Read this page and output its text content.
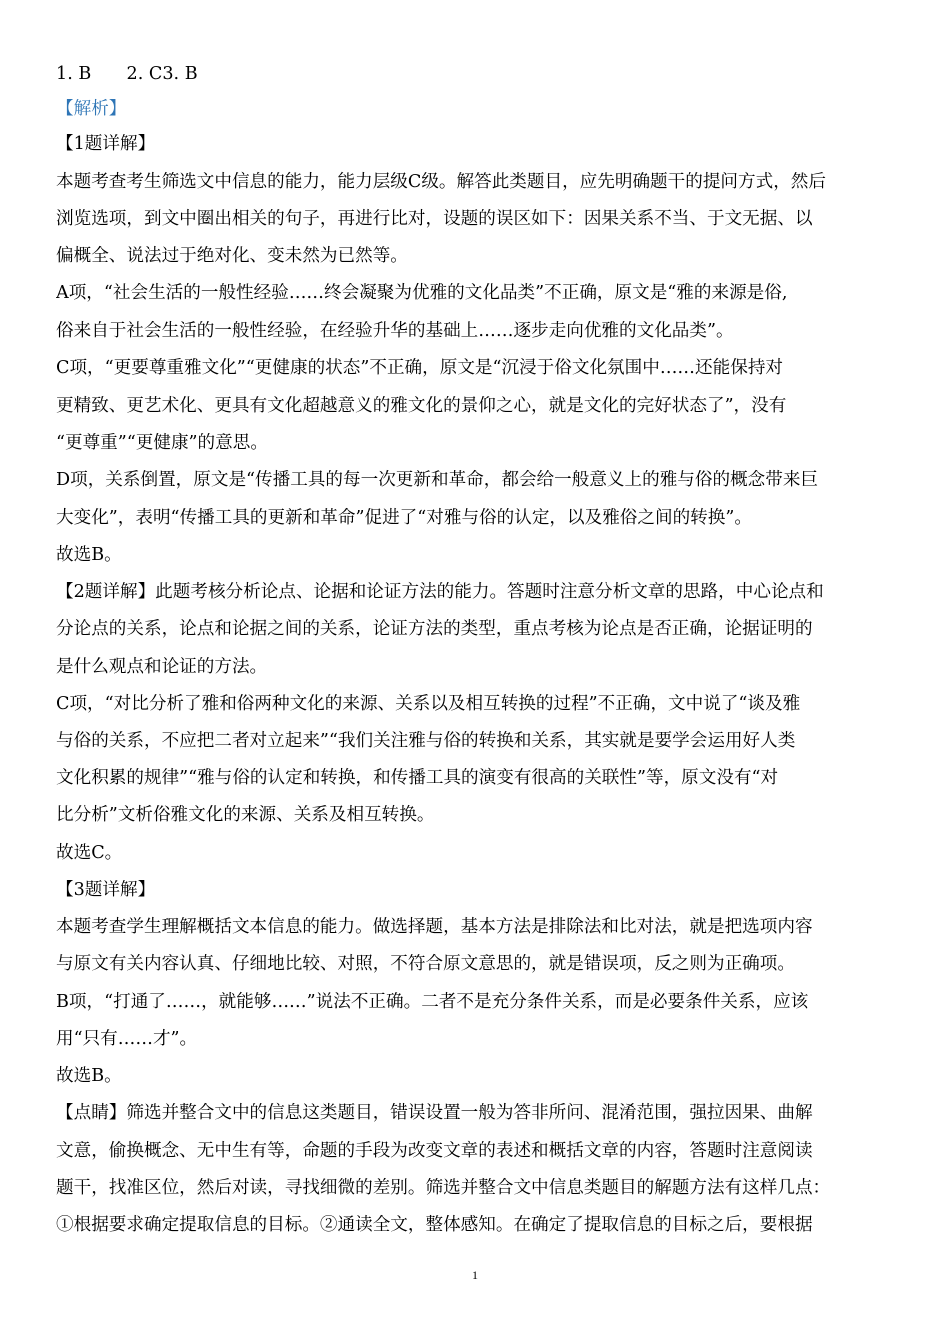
1. B　　2. C3. B
【解析】
【1题详解】
本题考查考生筛选文中信息的能力，能力层级C级。解答此类题目，应先明确题干的提问方式，然后
浏览选项，到文中圈出相关的句子，再进行比对，设题的误区如下：因果关系不当、于文无据、以
偏概全、说法过于绝对化、变未然为已然等。
A项，“社会生活的一般性经验……终会凝聚为优雅的文化品类”不正确，原文是“雅的来源是俗,
俗来自于社会生活的一般性经验，在经验升华的基础上……逐步走向优雅的文化品类”。
C项，“更要尊重雅文化”“更健康的状态”不正确，原文是“沉浸于俗文化氛围中……还能保持对
更精致、更艺术化、更具有文化超越意义的雅文化的景仰之心，就是文化的完好状态了”，没有
“更尊重”“更健康”的意思。
D项，关系倒置，原文是“传播工具的每一次更新和革命，都会给一般意义上的雅与俗的概念带来巨
大变化”，表明“传播工具的更新和革命”促进了“对雅与俗的认定，以及雅俗之间的转换”。
故选B。
【2题详解】此题考核分析论点、论据和论证方法的能力。答题时注意分析文章的思路，中心论点和
分论点的关系，论点和论据之间的关系，论证方法的类型，重点考核为论点是否正确，论据证明的
是什么观点和论证的方法。
C项，“对比分析了雅和俗两种文化的来源、关系以及相互转换的过程”不正确，文中说了“谈及雅
与俗的关系，不应把二者对立起来”“我们关注雅与俗的转换和关系，其实就是要学会运用好人类
文化积累的规律”“雅与俗的认定和转换，和传播工具的演变有很高的关联性”等，原文没有“对
比分析”文析俗雅文化的来源、关系及相互转换。
故选C。
【3题详解】
本题考查学生理解概括文本信息的能力。做选择题，基本方法是排除法和比对法，就是把选项内容
与原文有关内容认真、仔细地比较、对照，不符合原文意思的，就是错误项，反之则为正确项。
B项，“打通了……，就能够……”说法不正确。二者不是充分条件关系，而是必要条件关系，应该
用“只有……才”。
故选B。
【点睛】筛选并整合文中的信息这类题目，错误设置一般为答非所问、混淆范围，强拉因果、曲解
文意，偷换概念、无中生有等，命题的手段为改变文章的表述和概括文章的内容，答题时注意阅读
题干，找准区位，然后对读，寻找细微的差别。筛选并整合文中信息类题目的解题方法有这样几点：
①根据要求确定提取信息的目标。②通读全文，整体感知。在确定了提取信息的目标之后，要根据
1
